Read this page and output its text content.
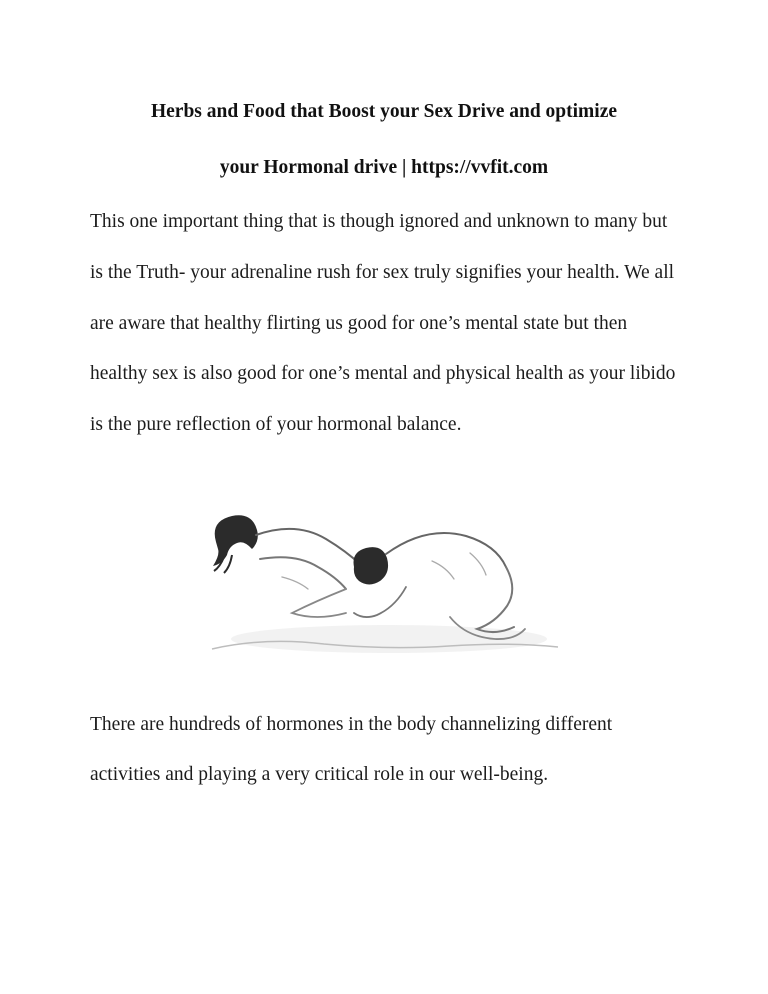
Herbs and Food that Boost your Sex Drive and optimize
your Hormonal drive | https://vvfit.com

This one important thing that is though ignored and unknown to many but is the Truth- your adrenaline rush for sex truly signifies your health. We all are aware that healthy flirting us good for one’s mental state but then healthy sex is also good for one’s mental and physical health as your libido is the pure reflection of your hormonal balance.

There are hundreds of hormones in the body channelizing different activities and playing a very critical role in our well-being.
